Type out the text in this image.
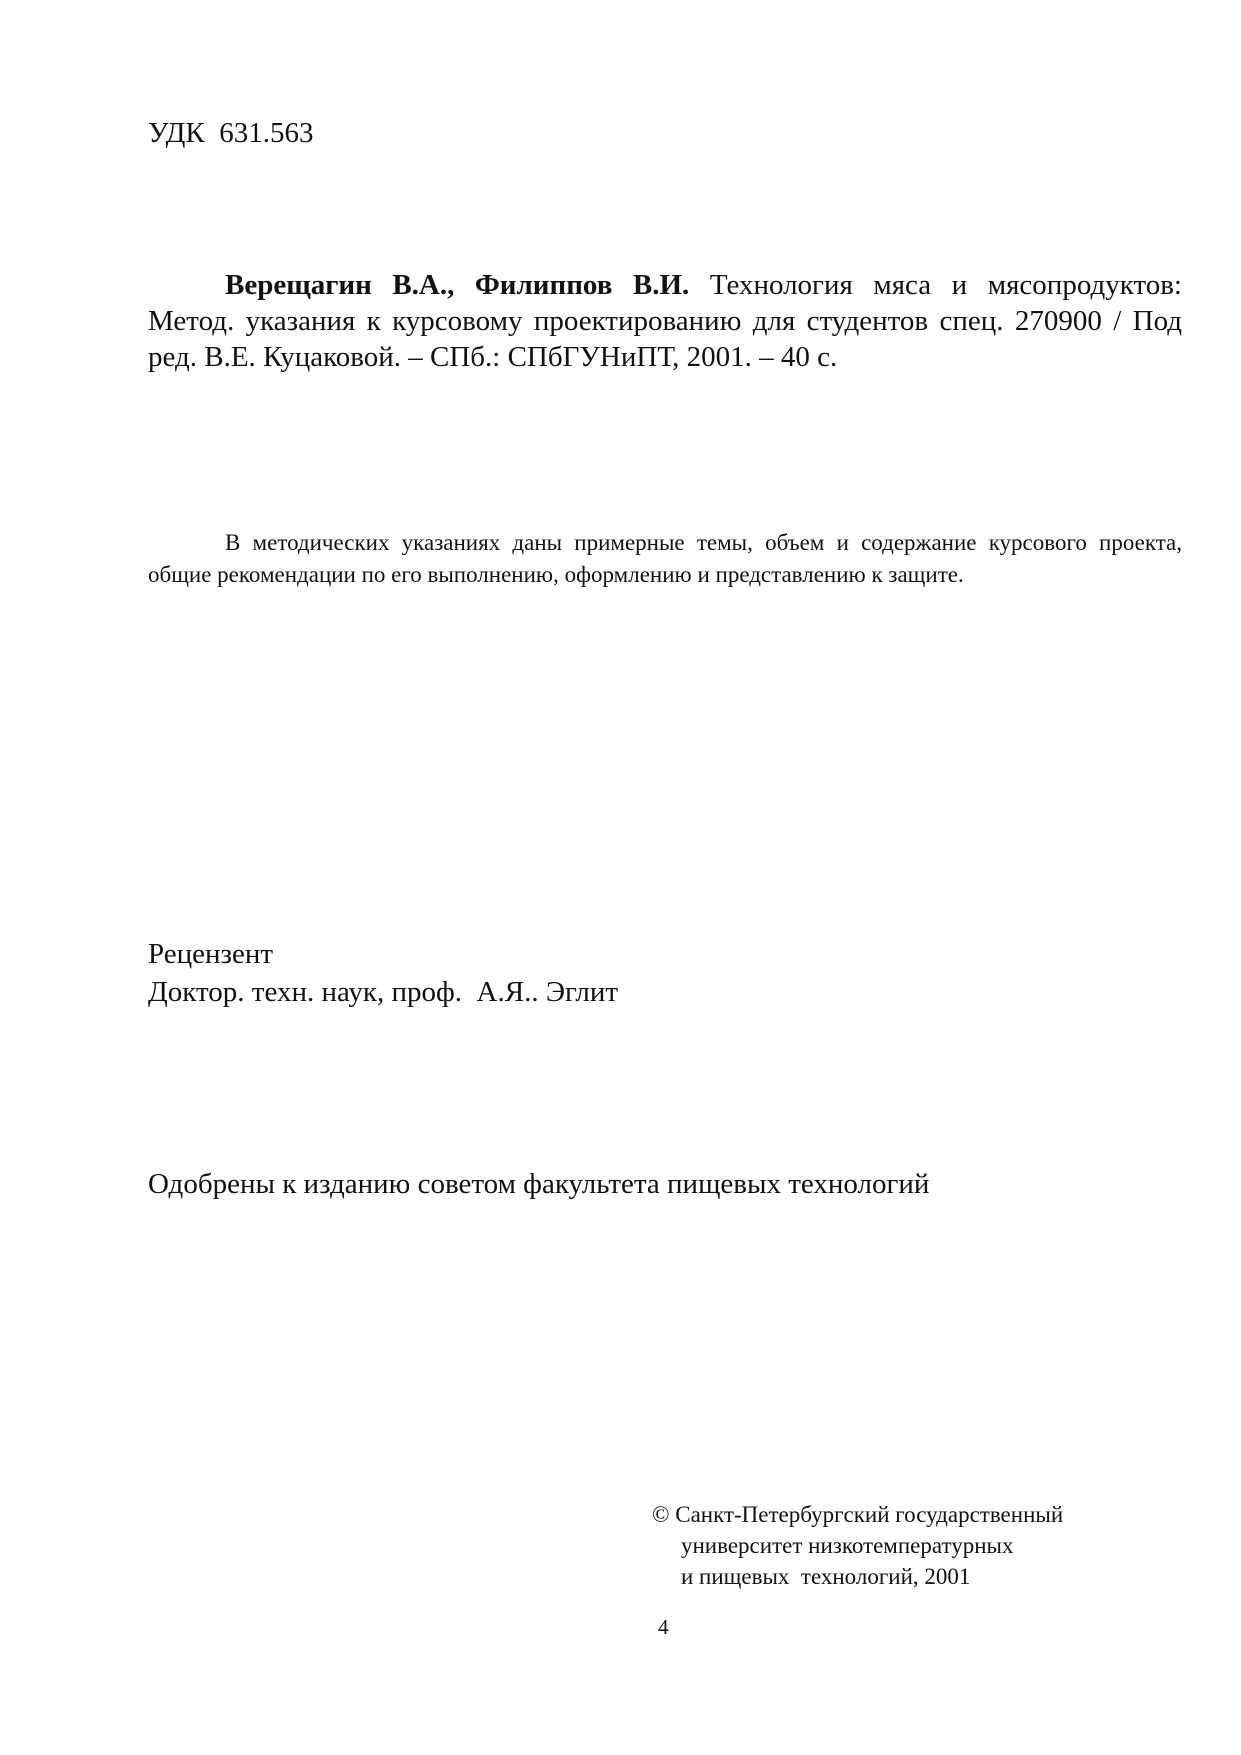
УДК  631.563
Верещагин В.А., Филиппов В.И. Технология мяса и мясопродуктов: Метод. указания к курсовому проектированию для студентов спец. 270900 / Под ред. В.Е. Куцаковой. – СПб.: СПбГУНиПТ, 2001. – 40 с.
В методических указаниях даны примерные темы, объем и содержание курсового проекта, общие рекомендации по его выполнению, оформлению и представлению к защите.
Рецензент
Доктор. техн. наук, проф.  А.Я.. Эглит
Одобрены к изданию советом факультета пищевых технологий
© Санкт-Петербургский государственный
университет низкотемпературных
и пищевых  технологий, 2001
4
